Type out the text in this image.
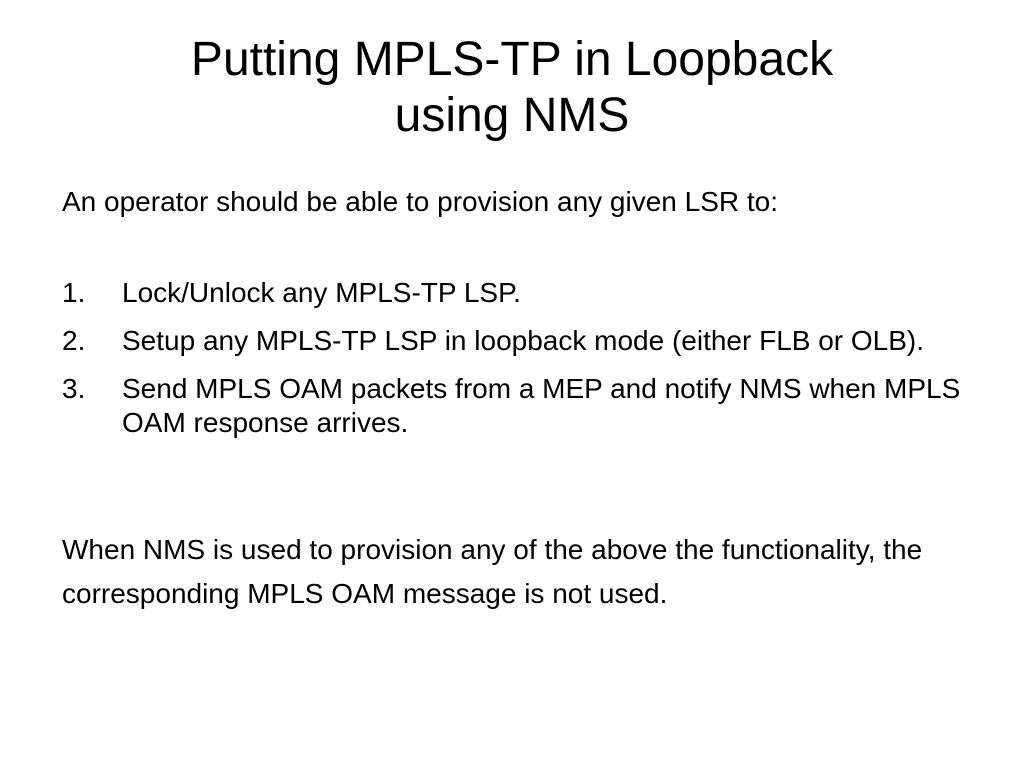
Putting MPLS-TP in Loopback
using NMS

An operator should be able to provision any given LSR to:

1. Lock/Unlock any MPLS-TP LSP.
2. Setup any MPLS-TP LSP in loopback mode (either FLB or OLB).
3. Send MPLS OAM packets from a MEP and notify NMS when MPLS OAM response arrives.

When NMS is used to provision any of the above the functionality, the corresponding MPLS OAM message is not used.
